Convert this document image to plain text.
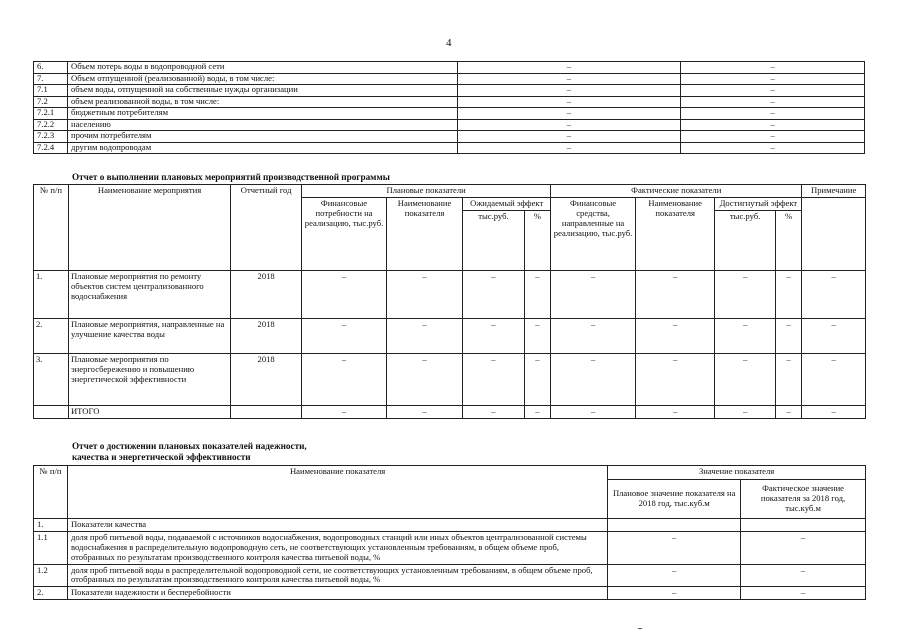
4
6.	Объем потерь воды в водопроводной сети	–	–
7.	Объем отпущенной (реализованной) воды, в том числе:	–	–
7.1	объем воды, отпущенной на собственные нужды организации	–	–
7.2	объем реализованной воды, в том числе:	–	–
7.2.1	бюджетным потребителям	–	–
7.2.2	населению	–	–
7.2.3	прочим потребителям	–	–
7.2.4	другим водопроводам	–	–
Отчет о выполнении плановых мероприятий производственной программы
№ п/п	Наименование мероприятия	Отчетный год	Плановые показатели				Фактические показатели				Примечание
			Финансовые потребности на реализацию, тыс.руб.	Наименование показателя	Ожидаемый эффект		Финансовые средства, направленные на реализацию, тыс.руб.	Наименование показателя	Достигнутый эффект		
					тыс.руб.	%			тыс.руб.	%	
1.	Плановые мероприятия по ремонту объектов систем централизованного водоснабжения	2018	–	–	–	–	–	–	–	–	–
2.	Плановые мероприятия, направленные на улучшение качества воды	2018	–	–	–	–	–	–	–	–	–
3.	Плановые мероприятия по энергосбережению и повышению энергетической эффективности	2018	–	–	–	–	–	–	–	–	–
	ИТОГО		–	–	–	–	–	–	–	–	–
Отчет о достижении плановых показателей надежности,
качества и энергетической эффективности
№ п/п	Наименование показателя	Значение показателя	
		Плановое значение показателя на 2018 год, тыс.куб.м	Фактическое значение показателя за 2018 год, тыс.куб.м
1.	Показатели качества		
1.1	доля проб питьевой воды, подаваемой с источников водоснабжения, водопроводных станций или иных объектов централизованной системы водоснабжения в распределительную водопроводную сеть, не соответствующих установленным требованиям, в общем объеме проб, отобранных по результатам производственного контроля качества питьевой воды, %	–	–
1.2	доля проб питьевой воды в распределительной водопроводной сети, не соответствующих установленным требованиям, в общем объеме проб, отобранных по результатам производственного контроля качества питьевой воды, %	–	–
2.	Показатели надежности и бесперебойности	–	–
